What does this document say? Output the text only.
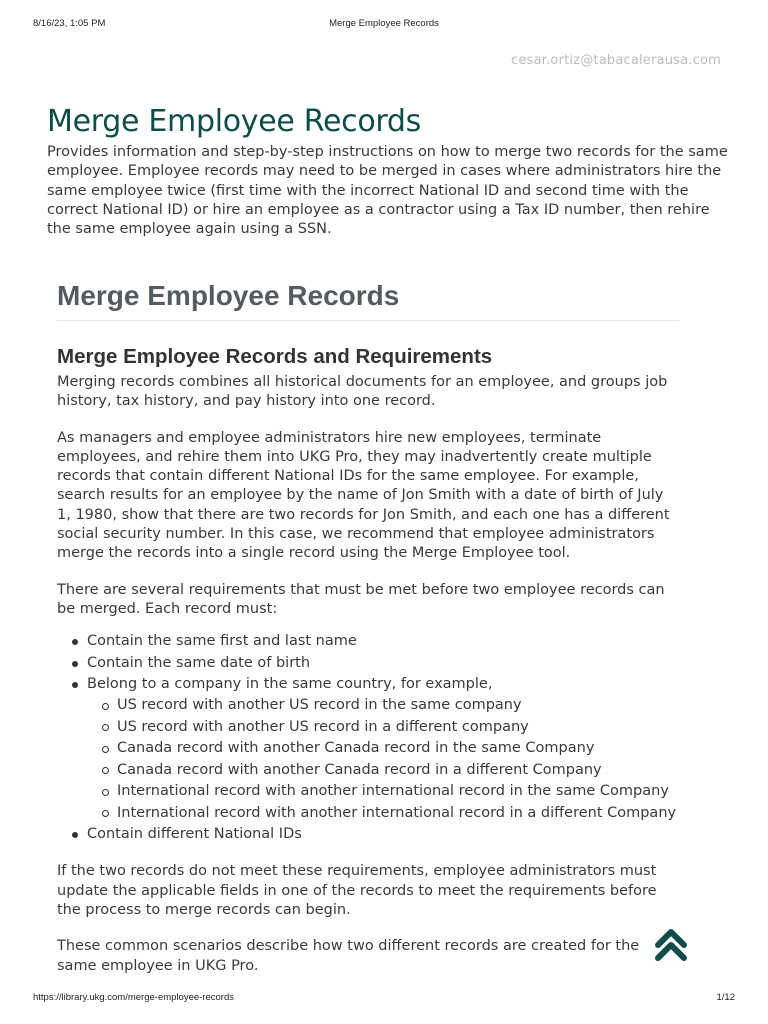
8/16/23, 1:05 PM	Merge Employee Records
cesar.ortiz@tabacalerausa.com
Merge Employee Records

Provides information and step-by-step instructions on how to merge two records for the same employee. Employee records may need to be merged in cases where administrators hire the same employee twice (first time with the incorrect National ID and second time with the correct National ID) or hire an employee as a contractor using a Tax ID number, then rehire the same employee again using a SSN.

Merge Employee Records
Merge Employee Records and Requirements

Merging records combines all historical documents for an employee, and groups job history, tax history, and pay history into one record.

As managers and employee administrators hire new employees, terminate employees, and rehire them into UKG Pro, they may inadvertently create multiple records that contain different National IDs for the same employee. For example, search results for an employee by the name of Jon Smith with a date of birth of July 1, 1980, show that there are two records for Jon Smith, and each one has a different social security number. In this case, we recommend that employee administrators merge the records into a single record using the Merge Employee tool.

There are several requirements that must be met before two employee records can be merged. Each record must:

Contain the same first and last name
Contain the same date of birth
Belong to a company in the same country, for example,
US record with another US record in the same company
US record with another US record in a different company
Canada record with another Canada record in the same Company
Canada record with another Canada record in a different Company
International record with another international record in the same Company
International record with another international record in a different Company
Contain different National IDs

If the two records do not meet these requirements, employee administrators must update the applicable fields in one of the records to meet the requirements before the process to merge records can begin.

These common scenarios describe how two different records are created for the same employee in UKG Pro.

https://library.ukg.com/merge-employee-records	1/12
